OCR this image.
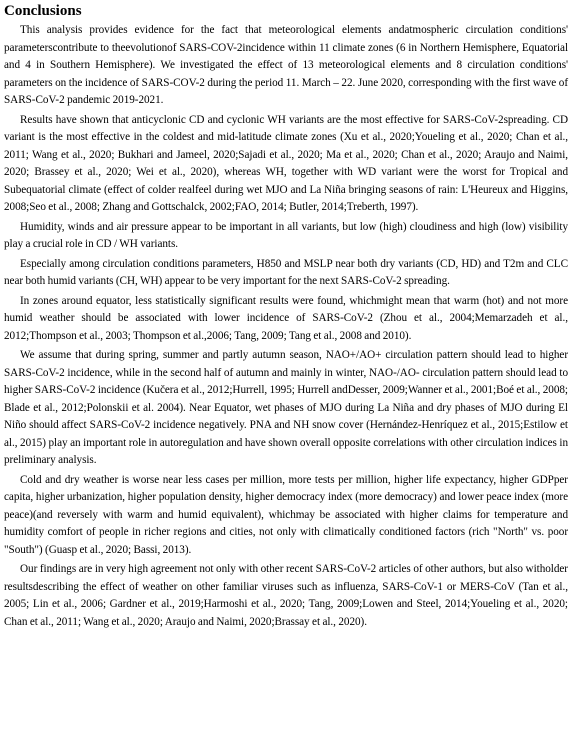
Conclusions

This analysis provides evidence for the fact that meteorological elements andatmospheric circulation conditions' parameterscontribute to theevolutionof SARS-COV-2incidence within 11 climate zones (6 in Northern Hemisphere, Equatorial and 4 in Southern Hemisphere). We investigated the effect of 13 meteorological elements and 8 circulation conditions' parameters on the incidence of SARS-COV-2 during the period 11. March – 22. June 2020, corresponding with the first wave of SARS-CoV-2 pandemic 2019-2021.

Results have shown that anticyclonic CD and cyclonic WH variants are the most effective for SARS-CoV-2spreading. CD variant is the most effective in the coldest and mid-latitude climate zones (Xu et al., 2020;Youeling et al., 2020; Chan et al., 2011; Wang et al., 2020; Bukhari and Jameel, 2020;Sajadi et al., 2020; Ma et al., 2020; Chan et al., 2020; Araujo and Naimi, 2020; Brassey et al., 2020; Wei et al., 2020), whereas WH, together with WD variant were the worst for Tropical and Subequatorial climate (effect of colder realfeel during wet MJO and La Niña bringing seasons of rain: L'Heureux and Higgins, 2008;Seo et al., 2008; Zhang and Gottschalck, 2002;FAO, 2014; Butler, 2014;Treberth, 1997).

Humidity, winds and air pressure appear to be important in all variants, but low (high) cloudiness and high (low) visibility play a crucial role in CD / WH variants.

Especially among circulation conditions parameters, H850 and MSLP near both dry variants (CD, HD) and T2m and CLC near both humid variants (CH, WH) appear to be very important for the next SARS-CoV-2 spreading.

In zones around equator, less statistically significant results were found, whichmight mean that warm (hot) and not more humid weather should be associated with lower incidence of SARS-CoV-2 (Zhou et al., 2004;Memarzadeh et al., 2012;Thompson et al., 2003; Thompson et al.,2006; Tang, 2009; Tang et al., 2008 and 2010).

We assume that during spring, summer and partly autumn season, NAO+/AO+ circulation pattern should lead to higher SARS-CoV-2 incidence, while in the second half of autumn and mainly in winter, NAO-/AO- circulation pattern should lead to higher SARS-CoV-2 incidence (Kučera et al., 2012;Hurrell, 1995; Hurrell andDesser, 2009;Wanner et al., 2001;Boé et al., 2008; Blade et al., 2012;Polonskii et al. 2004). Near Equator, wet phases of MJO during La Niña and dry phases of MJO during El Niño should affect SARS-CoV-2 incidence negatively. PNA and NH snow cover (Hernández-Henríquez et al., 2015;Estilow et al., 2015) play an important role in autoregulation and have shown overall opposite correlations with other circulation indices in preliminary analysis.

Cold and dry weather is worse near less cases per million, more tests per million, higher life expectancy, higher GDPper capita, higher urbanization, higher population density, higher democracy index (more democracy) and lower peace index (more peace)(and reversely with warm and humid equivalent), whichmay be associated with higher claims for temperature and humidity comfort of people in richer regions and cities, not only with climatically conditioned factors (rich "North" vs. poor "South") (Guasp et al., 2020; Bassi, 2013).

Our findings are in very high agreement not only with other recent SARS-CoV-2 articles of other authors, but also witholder resultsdescribing the effect of weather on other familiar viruses such as influenza, SARS-CoV-1 or MERS-CoV (Tan et al., 2005; Lin et al., 2006; Gardner et al., 2019;Harmoshi et al., 2020; Tang, 2009;Lowen and Steel, 2014;Youeling et al., 2020; Chan et al., 2011; Wang et al., 2020; Araujo and Naimi, 2020;Brassay et al., 2020).
